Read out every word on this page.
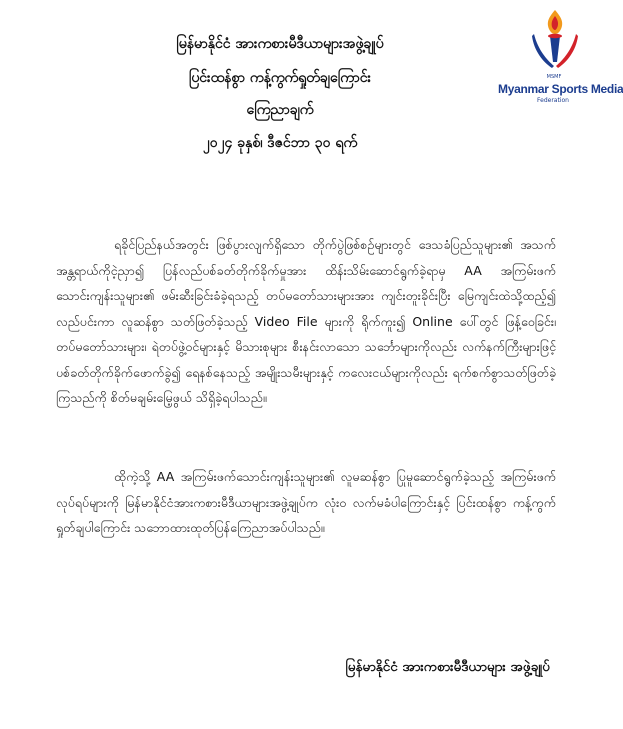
မြန်မာနိုင်ငံ အားကစားမီဒီယာများအဖွဲ့ချုပ်
ပြင်းထန်စွာ ကန့်ကွက်ရှုတ်ချကြောင်း
ကြေညာချက်
၂၀၂၄ ခုနှစ်၊ ဒီဇင်ဘာ ၃၀ ရက်
MSMF
Myanmar Sports Media
Federation
ရခိုင်ပြည်နယ်အတွင်း ဖြစ်ပွားလျက်ရှိသော တိုက်ပွဲဖြစ်စဉ်များတွင် ဒေသခံပြည်သူများ၏ အသက်အန္တရာယ်ကိုငဲ့ညှာ၍ ပြန်လည်ပစ်ခတ်တိုက်ခိုက်မှုအား ထိန်းသိမ်းဆောင်ရွက်ခဲ့ရာမှ AA အကြမ်းဖက်သောင်းကျန်းသူများ၏ ဖမ်းဆီးခြင်းခံခဲ့ရသည့် တပ်မတော်သားများအား ကျင်းတူးခိုင်းပြီး မြေကျင်းထဲသို့ထည့်၍ လည်ပင်းကာ လူဆန်စွာ သတ်ဖြတ်ခဲ့သည့် Video File များကို ရိုက်ကူး၍ Online ပေါ်တွင် ဖြန့်ဝေခြင်း၊ တပ်မတော်သားများ၊ ရဲတပ်ဖွဲ့ဝင်များနှင့် မိသားစုများ စီးနင်းလာသော သင်္ဘောများကိုလည်း လက်နက်ကြီးများဖြင့် ပစ်ခတ်တိုက်ခိုက်ဖောက်ခွဲ၍ ရေနစ်နေသည့် အမျိုးသမီးများနှင့် ကလေးငယ်များကိုလည်း ရက်စက်စွာသတ်ဖြတ်ခဲ့ကြသည်ကို စိတ်မချမ်းမြေ့ဖွယ် သိရှိခဲ့ရပါသည်။
ထိုကဲ့သို့ AA အကြမ်းဖက်သောင်းကျန်းသူများ၏ လူမဆန်စွာ ပြုမူဆောင်ရွက်ခဲ့သည့် အကြမ်းဖက်လုပ်ရပ်များကို မြန်မာနိုင်ငံအားကစားမီဒီယာများအဖွဲ့ချုပ်က လုံးဝ လက်မခံပါကြောင်းနှင့် ပြင်းထန်စွာ ကန့်ကွက်ရှုတ်ချပါကြောင်း သဘောထားထုတ်ပြန်ကြေညာအပ်ပါသည်။
မြန်မာနိုင်ငံ အားကစားမီဒီယာများ အဖွဲ့ချုပ်
